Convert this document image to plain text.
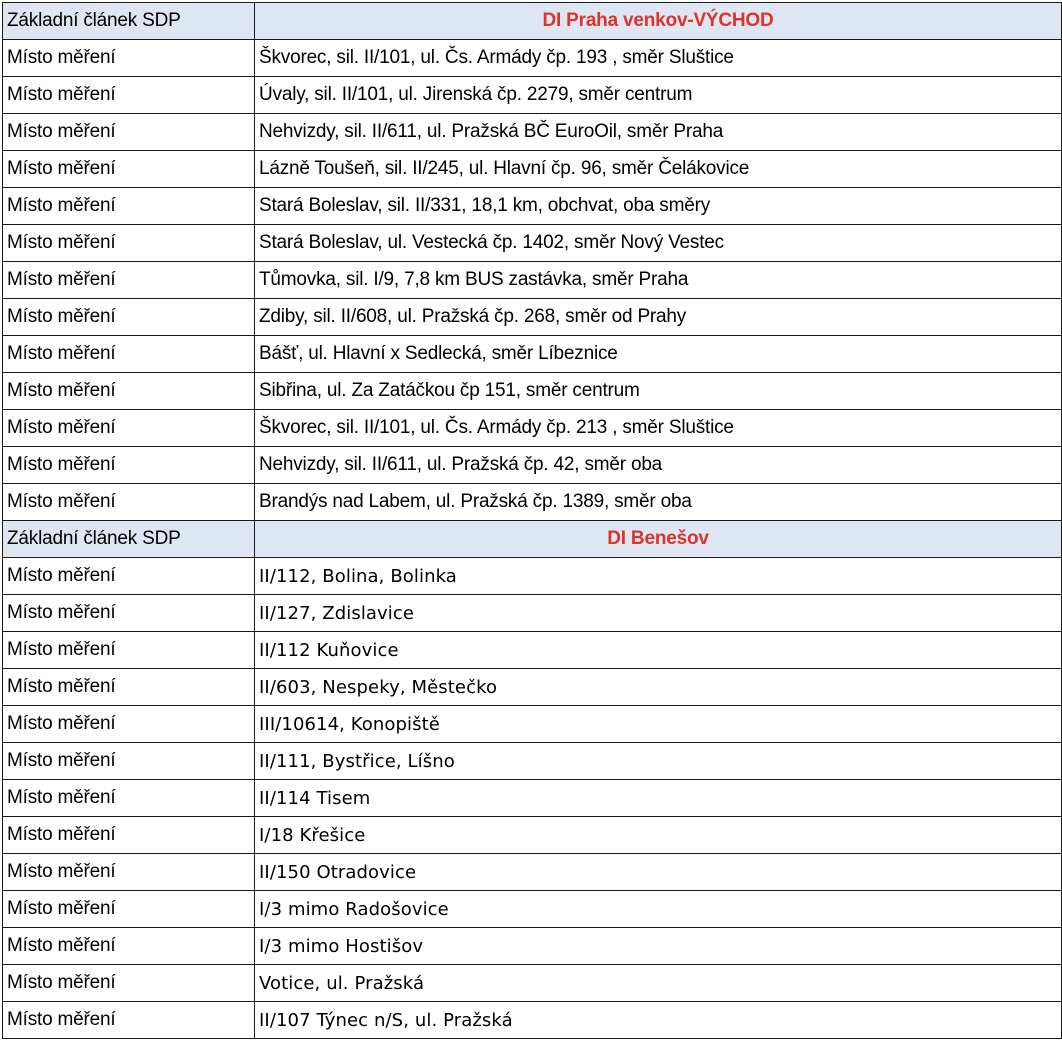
Základní článek SDP	DI Praha venkov-VÝCHOD
Místo měření	Škvorec, sil. II/101, ul. Čs. Armády čp. 193 , směr Sluštice
Místo měření	Úvaly, sil. II/101, ul. Jirenská čp. 2279, směr centrum
Místo měření	Nehvizdy, sil. II/611, ul. Pražská BČ EuroOil, směr Praha
Místo měření	Lázně Toušeň, sil. II/245, ul. Hlavní čp. 96, směr Čelákovice
Místo měření	Stará Boleslav, sil. II/331, 18,1 km, obchvat, oba směry
Místo měření	Stará Boleslav, ul. Vestecká čp. 1402, směr Nový Vestec
Místo měření	Tůmovka, sil. I/9, 7,8 km BUS zastávka, směr Praha
Místo měření	Zdiby, sil. II/608, ul. Pražská čp. 268, směr od Prahy
Místo měření	Bášť, ul. Hlavní x Sedlecká, směr Líbeznice
Místo měření	Sibřina, ul. Za Zatáčkou čp 151, směr centrum
Místo měření	Škvorec, sil. II/101, ul. Čs. Armády čp. 213 , směr Sluštice
Místo měření	Nehvizdy, sil. II/611, ul. Pražská čp. 42, směr oba
Místo měření	Brandýs nad Labem, ul. Pražská čp. 1389, směr oba
Základní článek SDP	DI Benešov
Místo měření	II/112, Bolina, Bolinka
Místo měření	II/127, Zdislavice
Místo měření	II/112 Kuňovice
Místo měření	II/603, Nespeky, Městečko
Místo měření	III/10614, Konopiště
Místo měření	II/111, Bystřice, Líšno
Místo měření	II/114 Tisem
Místo měření	I/18 Křešice
Místo měření	II/150 Otradovice
Místo měření	I/3 mimo Radošovice
Místo měření	I/3 mimo Hostišov
Místo měření	Votice, ul. Pražská
Místo měření	II/107 Týnec n/S, ul. Pražská
